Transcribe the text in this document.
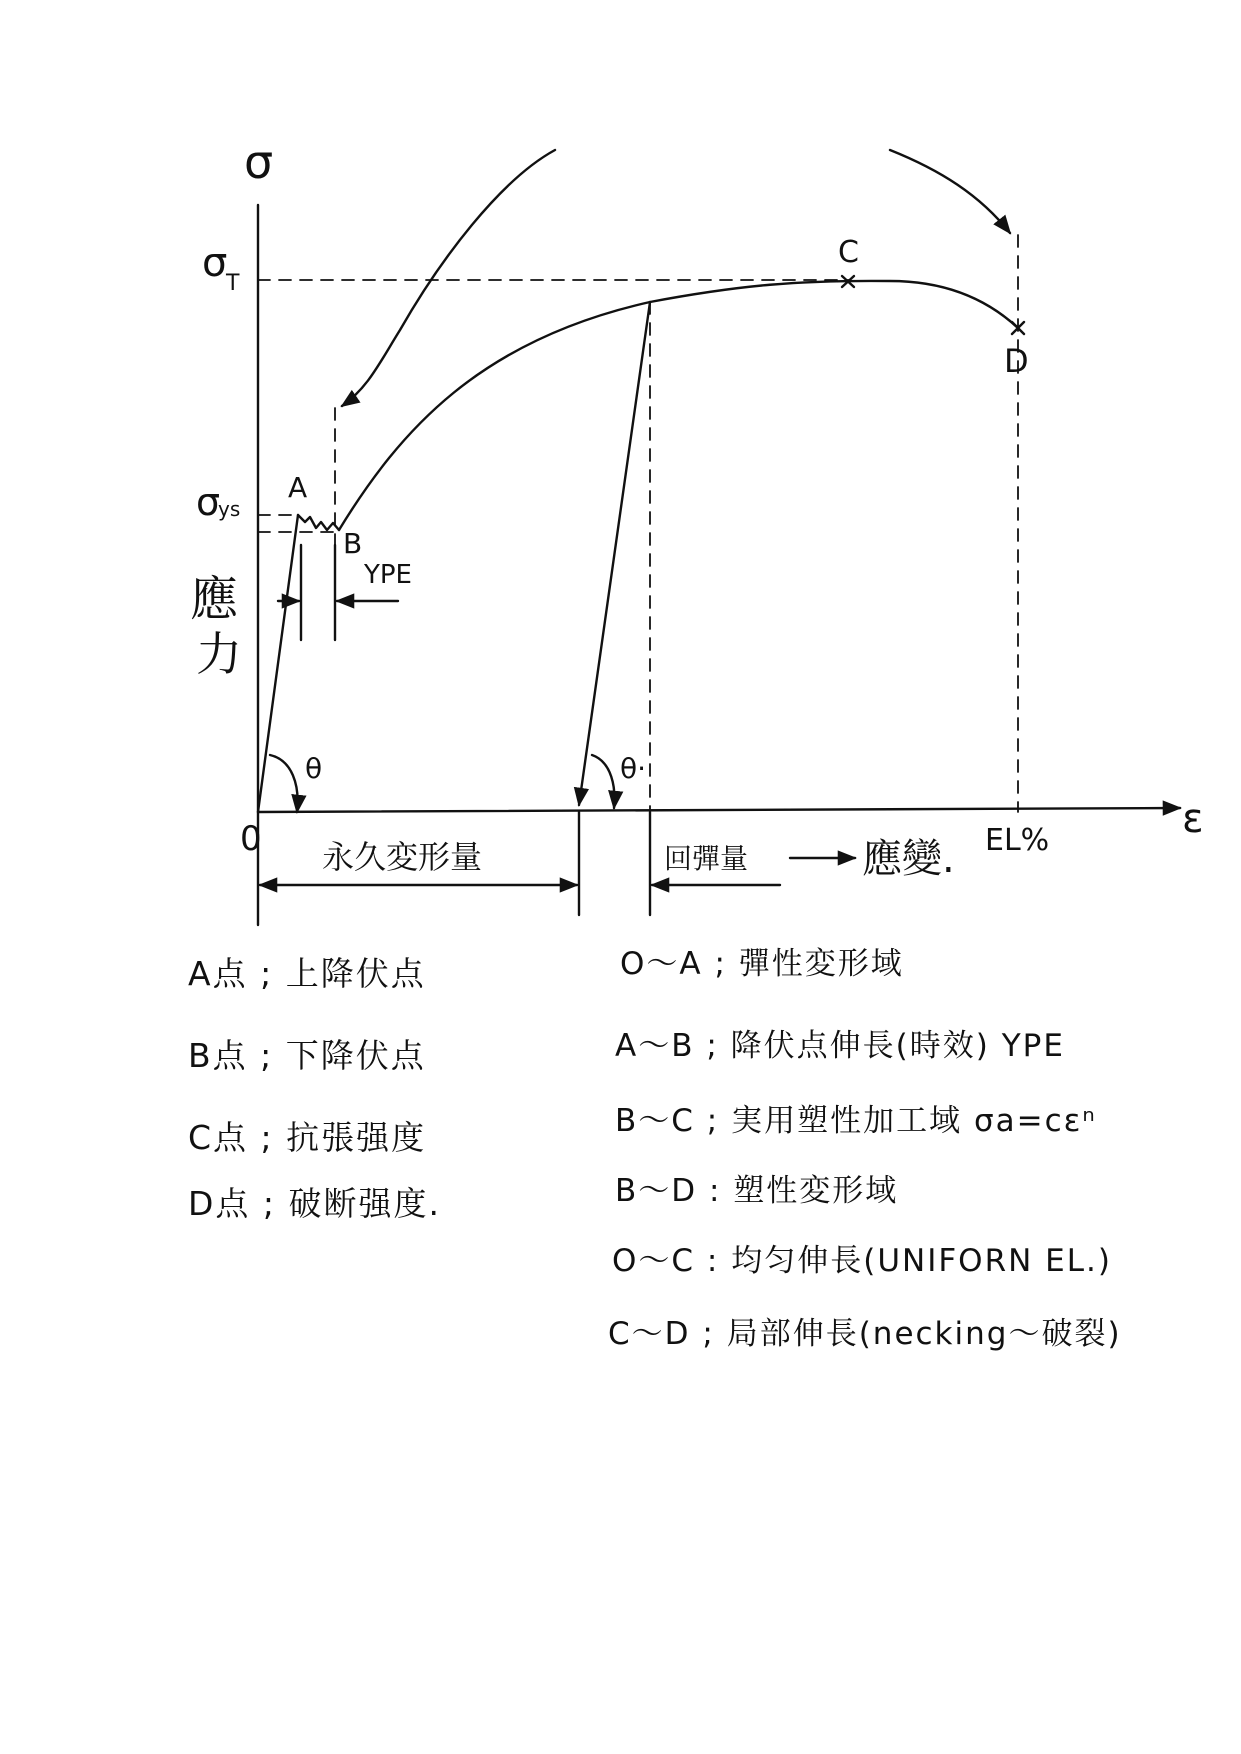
σ
ε
0
σ
T
σ
ys
應
力
A
B
C
D
YPE
θ	θ·
永久変形量	回彈量	應變. EL%
A点 ; 上降伏点
B点 ; 下降伏点
C点 ; 抗張强度
D点 ; 破断强度.
O～A ; 彈性変形域
A～B ; 降伏点伸長(時效) YPE
B～C ; 実用塑性加工域 σa=cεⁿ
B～D : 塑性変形域
O～C : 均匀伸長(UNIFORN EL.)
C～D ; 局部伸長(necking～破裂)
